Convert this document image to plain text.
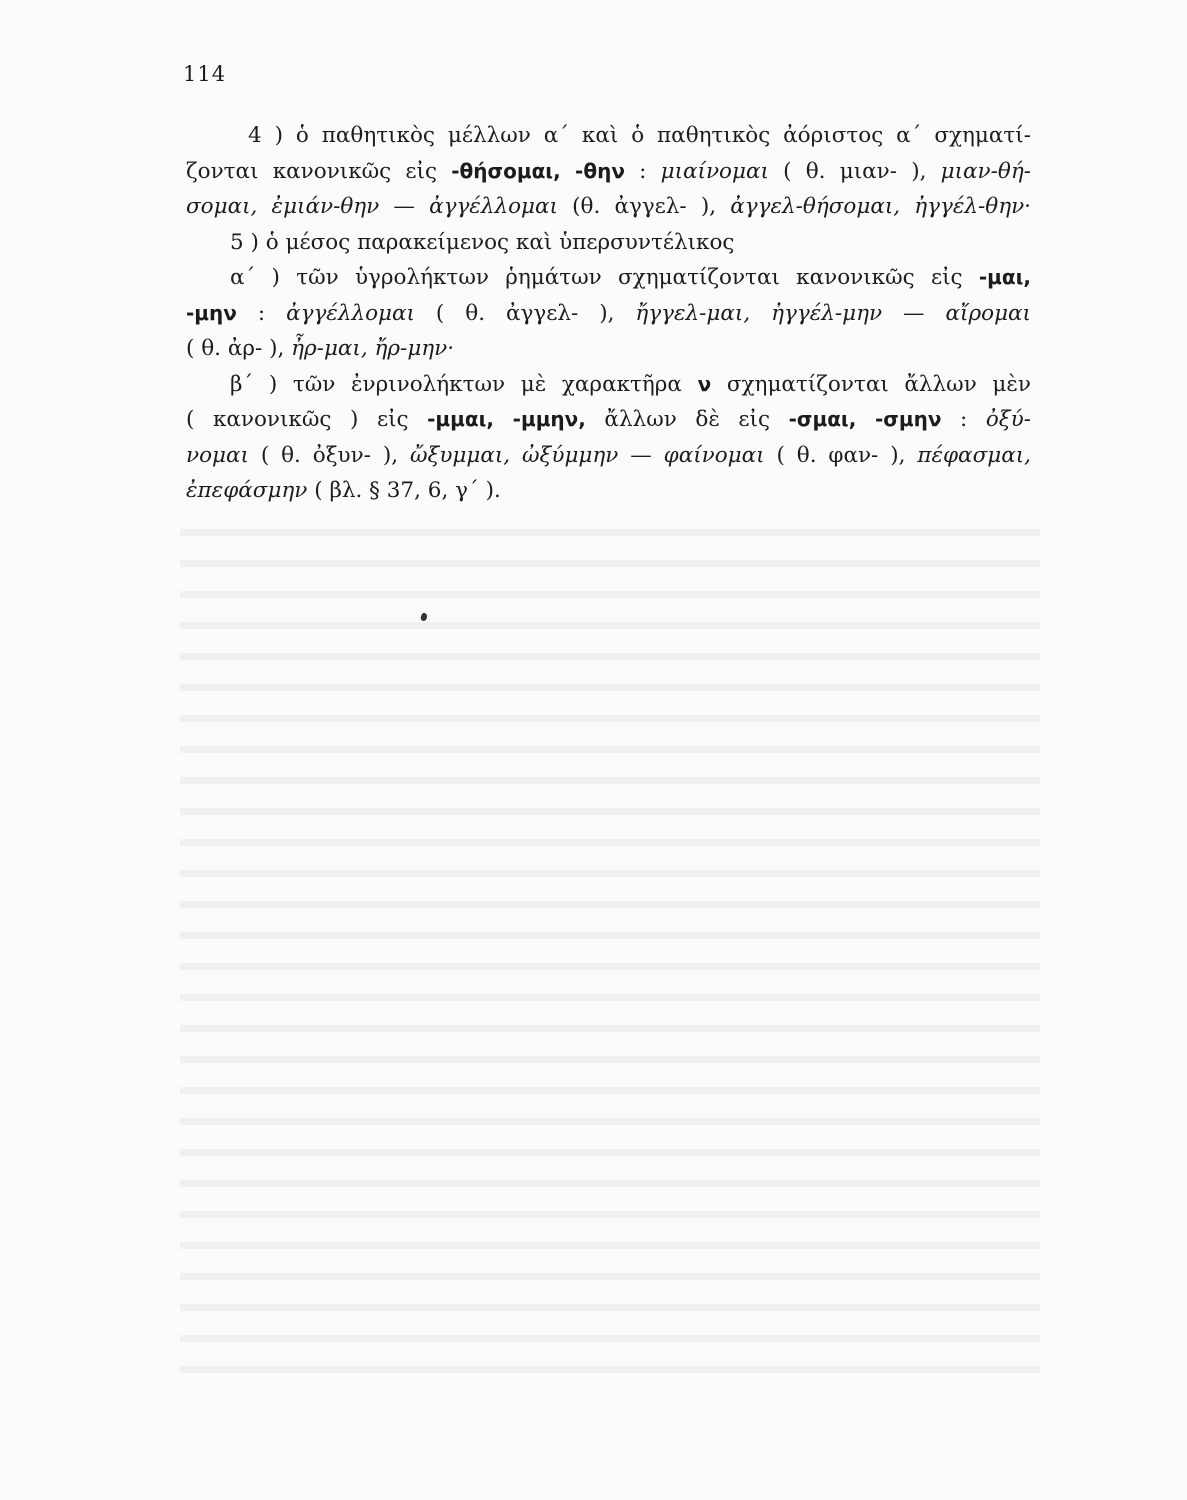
114
4 ) ὁ παθητικὸς μέλλων α΄ καὶ ὁ παθητικὸς ἀόριστος α΄ σχηματί-
ζονται κανονικῶς εἰς -θήσομαι, -θην : μιαίνομαι ( θ. μιαν- ), μιαν-θή-
σομαι, ἐμιάν-θην — ἀγγέλλομαι (θ. ἀγγελ- ), ἀγγελ-θήσομαι, ἠγγέλ-θην·
5 ) ὁ μέσος παρακείμενος καὶ ὑπερσυντέλικος
α΄ ) τῶν ὑγρολήκτων ῥημάτων σχηματίζονται κανονικῶς εἰς -μαι,
-μην : ἀγγέλλομαι ( θ. ἀγγελ- ), ἤγγελ-μαι, ἠγγέλ-μην — αἴρομαι
( θ. ἀρ- ), ἦρ-μαι, ἤρ-μην·
β΄ ) τῶν ἐνρινολήκτων μὲ χαρακτῆρα ν σχηματίζονται ἄλλων μὲν
( κανονικῶς ) εἰς -μμαι, -μμην, ἄλλων δὲ εἰς -σμαι, -σμην : ὀξύ-
νομαι ( θ. ὀξυν- ), ὤξυμμαι, ὠξύμμην — φαίνομαι ( θ. φαν- ), πέφασμαι,
ἐπεφάσμην ( βλ. § 37, 6, γ΄ ).
